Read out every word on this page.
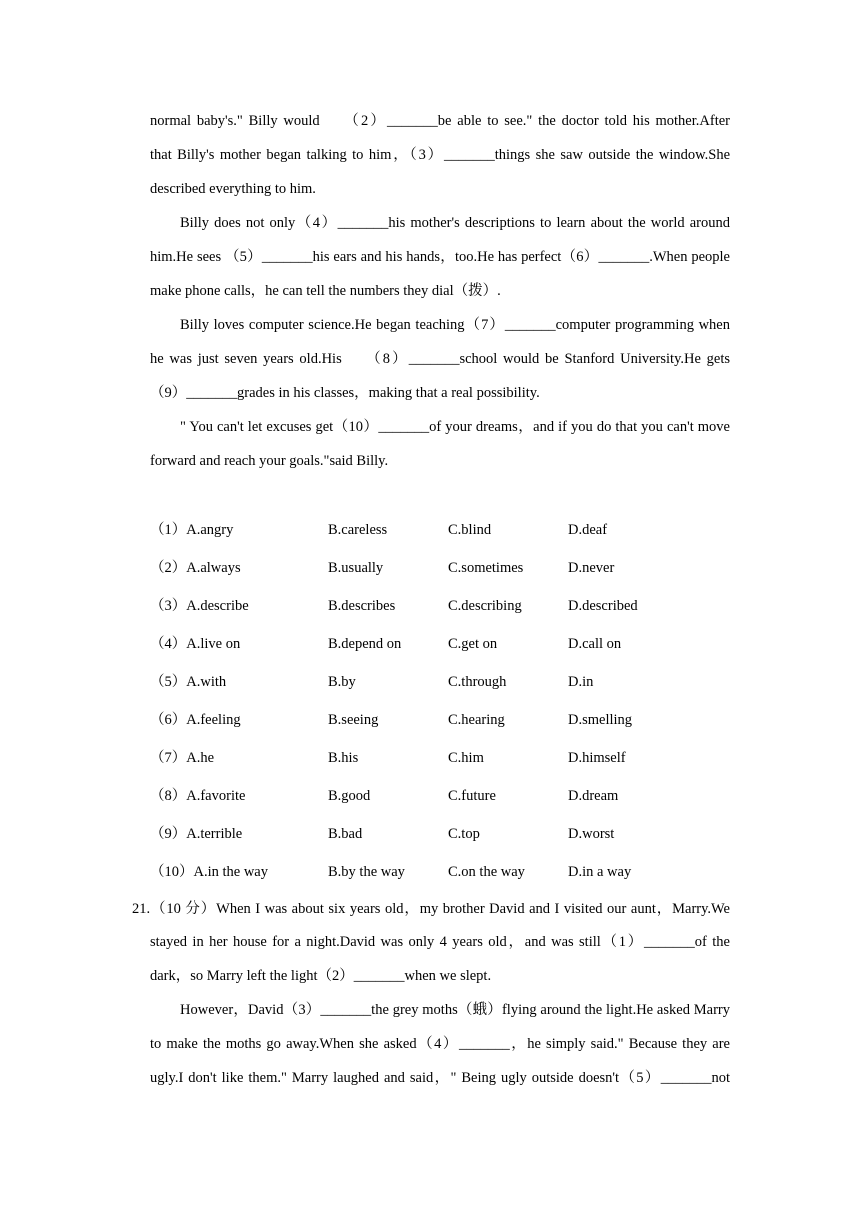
normal baby's." Billy would　 （2）_______be able to see." the doctor told his mother.After
that Billy's mother began talking to him，（3）_______things she saw outside the window.She
described everything to him.
Billy does not only（4）_______his mother's descriptions to learn about the world around
him.He sees （5）_______his ears and his hands，too.He has perfect（6）_______.When people
make phone calls，he can tell the numbers they dial（拨）.
Billy loves computer science.He began teaching（7）_______computer programming when
he was just seven years old.His　 （8）_______school would be Stanford University.He gets
（9）_______grades in his classes，making that a real possibility.
" You can't let excuses get（10）_______of your dreams，and if you do that you can't move
forward and reach your goals."said Billy.
（1）A.angry	B.careless	C.blind	D.deaf
（2）A.always	B.usually	C.sometimes	D.never
（3）A.describe	B.describes	C.describing	D.described
（4）A.live on	B.depend on	C.get on	D.call on
（5）A.with	B.by	C.through	D.in
（6）A.feeling	B.seeing	C.hearing	D.smelling
（7）A.he	B.his	C.him	D.himself
（8）A.favorite	B.good	C.future	D.dream
（9）A.terrible	B.bad	C.top	D.worst
（10）A.in the way	B.by the way	C.on the way	D.in a way
21.（10 分）When I was about six years old，my brother David and I visited our aunt，Marry.We
stayed in her house for a night.David was only 4 years old，and was still（1）_______of the
dark，so Marry left the light（2）_______when we slept.
However，David（3）_______the grey moths（蛾）flying around the light.He asked Marry
to make the moths go away.When she asked（4）_______，he simply said." Because they are
ugly.I don't like them." Marry laughed and said，" Being ugly outside doesn't（5）_______not
